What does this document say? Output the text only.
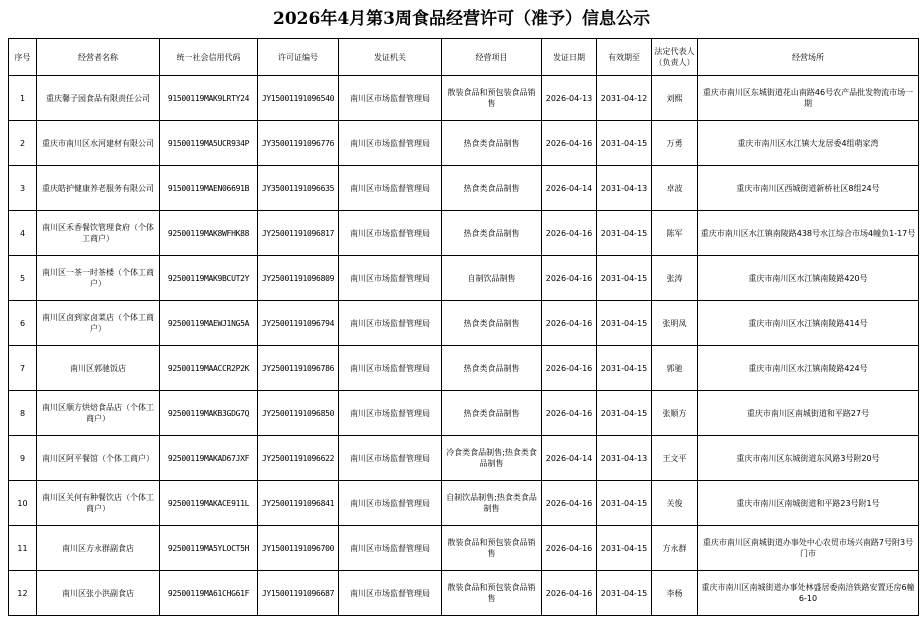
2026年4月第3周食品经营许可（准予）信息公示
序号	经营者名称	统一社会信用代码	许可证编号	发证机关	经营项目	发证日期	有效期至	法定代表人（负责人）	经营场所
1	重庆馨子园食品有限责任公司	91500119MAK9LRTY24	JY15001191096540	南川区市场监督管理局	散装食品和预包装食品销售	2026-04-13	2031-04-12	刘熙	重庆市南川区东城街道花山南路46号农产品批发物流市场一期
2	重庆市南川区水河建材有限公司	91500119MA5UCR934P	JY35001191096776	南川区市场监督管理局	热食类食品制售	2026-04-16	2031-04-15	万勇	重庆市南川区水江镇大龙居委4组萌家湾
3	重庆皓护健康养老服务有限公司	91500119MAEN06691B	JY35001191096635	南川区市场监督管理局	热食类食品制售	2026-04-14	2031-04-13	卓波	重庆市南川区西城街道新桥社区8组24号
4	南川区禾香餐饮管理食府（个体工商户）	92500119MAK8WFHK88	JY25001191096817	南川区市场监督管理局	热食类食品制售	2026-04-16	2031-04-15	陈军	重庆市南川区水江镇南陵路438号水江综合市场4幢负1-17号
5	南川区一茶一时茶楼（个体工商户）	92500119MAK9BCUT2Y	JY25001191096809	南川区市场监督管理局	自制饮品制售	2026-04-16	2031-04-15	张涛	重庆市南川区水江镇南陵路420号
6	南川区卤到家卤菜店（个体工商户）	92500119MAEWJ1NG5A	JY25001191096794	南川区市场监督管理局	热食类食品制售	2026-04-16	2031-04-15	张明凤	重庆市南川区水江镇南陵路414号
7	南川区郭驰饭店	92500119MAACCR2P2K	JY25001191096786	南川区市场监督管理局	热食类食品制售	2026-04-16	2031-04-15	郭驰	重庆市南川区水江镇南陵路424号
8	南川区顺方烘焙食品店（个体工商户）	92500119MAKB3GDG7Q	JY25001191096850	南川区市场监督管理局	热食类食品制售	2026-04-16	2031-04-15	张顺方	重庆市南川区南城街道和平路27号
9	南川区阿平餐馆（个体工商户）	92500119MAKAD67JXF	JY25001191096622	南川区市场监督管理局	冷食类食品制售;热食类食品制售	2026-04-14	2031-04-13	王文平	重庆市南川区东城街道东风路3号附20号
10	南川区关何有种餐饮店（个体工商户）	92500119MAKACE911L	JY25001191096841	南川区市场监督管理局	自制饮品制售;热食类食品制售	2026-04-16	2031-04-15	关俊	重庆市南川区南城街道和平路23号附1号
11	南川区方永群副食店	92500119MA5YLOCT5H	JY15001191096700	南川区市场监督管理局	散装食品和预包装食品销售	2026-04-16	2031-04-15	方永群	重庆市南川区南城街道办事处中心农贸市场兴南路7号附3号门市
12	南川区张小洪副食店	92500119MA61CHG61F	JY15001191096687	南川区市场监督管理局	散装食品和预包装食品销售	2026-04-16	2031-04-15	李杨	重庆市南川区南城街道办事处林盛居委南涪铁路安置还房6幢6-10
